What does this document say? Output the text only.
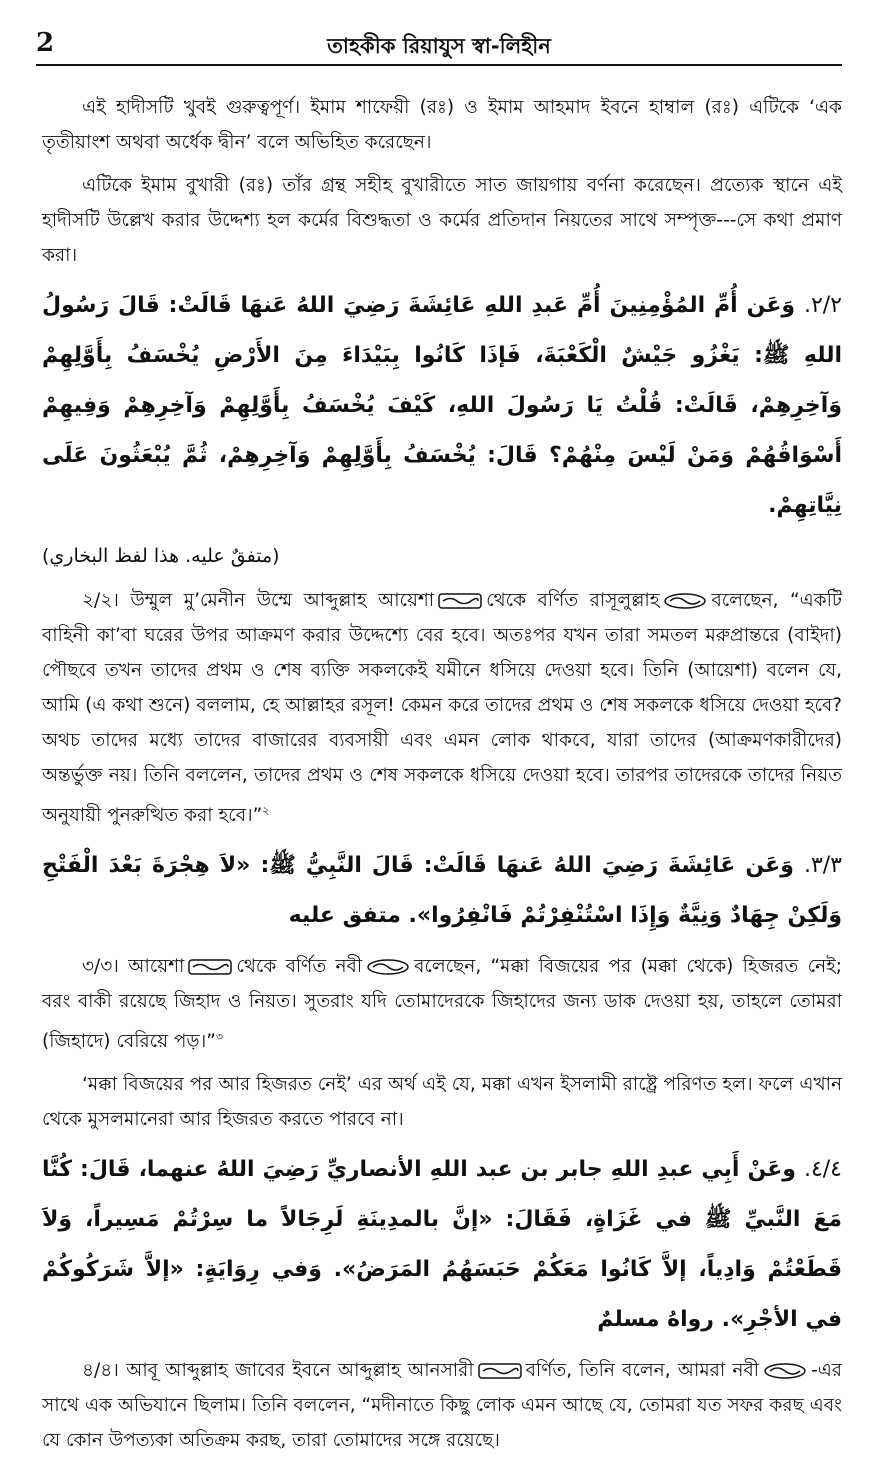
2	তাহকীক রিয়াযুস স্বা-লিহীন

এই হাদীসটি খুবই গুরুত্বপূর্ণ। ইমাম শাফেয়ী (রঃ) ও ইমাম আহমাদ ইবনে হাম্বাল (রঃ) এটিকে ‘এক তৃতীয়াংশ অথবা অর্ধেক দ্বীন’ বলে অভিহিত করেছেন।

এটিকে ইমাম বুখারী (রঃ) তাঁর গ্রন্থ সহীহ বুখারীতে সাত জায়গায় বর্ণনা করেছেন। প্রত্যেক স্থানে এই হাদীসটি উল্লেখ করার উদ্দেশ্য হল কর্মের বিশুদ্ধতা ও কর্মের প্রতিদান নিয়তের সাথে সম্পৃক্ত---সে কথা প্রমাণ করা।

٢/٢. وَعَن أُمِّ المُؤْمِنِينَ أُمِّ عَبدِ اللهِ عَائِشَةَ رَضِيَ اللهُ عَنهَا قَالَتْ: قَالَ رَسُولُ اللهِ ﷺ: يَغْزُو جَيْشٌ الْكَعْبَةَ، فَإذَا كَانُوا بِبَيْدَاءَ مِنَ الأَرْضِ يُخْسَفُ بِأَوَّلِهِمْ وَآخِرِهِمْ، قَالَتْ: قُلْتُ يَا رَسُولَ اللهِ، كَيْفَ يُخْسَفُ بِأَوَّلِهِمْ وَآخِرِهِمْ وَفِيهِمْ أَسْوَاقُهُمْ وَمَنْ لَيْسَ مِنْهُمْ؟ قَالَ: يُخْسَفُ بِأَوَّلِهِمْ وَآخِرِهِمْ، ثُمَّ يُبْعَثُونَ عَلَى نِيَّاتِهِمْ.

(متفقٌ عليه. هذا لفظ البخاري)

২/২। উম্মুল মু’মেনীন উম্মে আব্দুল্লাহ আয়েশা	থেকে বর্ণিত রাসূলুল্লাহ	বলেছেন, “একটি বাহিনী কা’বা ঘরের উপর আক্রমণ করার উদ্দেশ্যে বের হবে। অতঃপর যখন তারা সমতল মরুপ্রান্তরে (বাইদা) পৌছবে তখন তাদের প্রথম ও শেষ ব্যক্তি সকলকেই যমীনে ধসিয়ে দেওয়া হবে। তিনি (আয়েশা) বলেন যে, আমি (এ কথা শুনে) বললাম, হে আল্লাহর রসূল! কেমন করে তাদের প্রথম ও শেষ সকলকে ধসিয়ে দেওয়া হবে? অথচ তাদের মধ্যে তাদের বাজারের ব্যবসায়ী এবং এমন লোক থাকবে, যারা তাদের (আক্রমণকারীদের) অন্তর্ভুক্ত নয়। তিনি বললেন, তাদের প্রথম ও শেষ সকলকে ধসিয়ে দেওয়া হবে। তারপর তাদেরকে তাদের নিয়ত অনুযায়ী পুনরুত্থিত করা হবে।”$^২$

٣/٣. وَعَن عَائِشَةَ رَضِيَ اللهُ عَنهَا قَالَتْ: قَالَ النَّبِيُّ ﷺ: «لاَ هِجْرَةَ بَعْدَ الْفَتْحِ وَلَكِنْ جِهَادٌ وَنِيَّةٌ وَإِذَا اسْتُنْفِرْتُمْ فَانْفِرُوا». متفق عليه

৩/৩। আয়েশা	থেকে বর্ণিত নবী	বলেছেন, “মক্কা বিজয়ের পর (মক্কা থেকে) হিজরত নেই; বরং বাকী রয়েছে জিহাদ ও নিয়ত। সুতরাং যদি তোমাদেরকে জিহাদের জন্য ডাক দেওয়া হয়, তাহলে তোমরা (জিহাদে) বেরিয়ে পড়।”$^৩$

‘মক্কা বিজয়ের পর আর হিজরত নেই’ এর অর্থ এই যে, মক্কা এখন ইসলামী রাষ্ট্রে পরিণত হল। ফলে এখান থেকে মুসলমানেরা আর হিজরত করতে পারবে না।

٤/٤. وعَنْ أَبِي عبدِ اللهِ جابر بن عبد اللهِ الأنصاريِّ رَضِيَ اللهُ عنهما، قَالَ: كُنَّا مَعَ النَّبيِّ ﷺ في غَزَاةٍ، فَقَالَ: «إنَّ بالمدِينَةِ لَرِجَالاً ما سِرْتُمْ مَسِيراً، وَلاَ قَطَعْتُمْ وَادِياً، إلاَّ كَانُوا مَعَكُمْ حَبَسَهُمُ المَرَضُ». وَفي رِوَايَةٍ: «إلاَّ شَرَكُوكُمْ في الأجْرِ». رواهُ مسلمٌ

৪/৪। আবূ আব্দুল্লাহ জাবের ইবনে আব্দুল্লাহ আনসারী	বর্ণিত, তিনি বলেন, আমরা নবী	-এর সাথে এক অভিযানে ছিলাম। তিনি বললেন, “মদীনাতে কিছু লোক এমন আছে যে, তোমরা যত সফর করছ এবং যে কোন উপত্যকা অতিক্রম করছ, তারা তোমাদের সঙ্গে রয়েছে।
